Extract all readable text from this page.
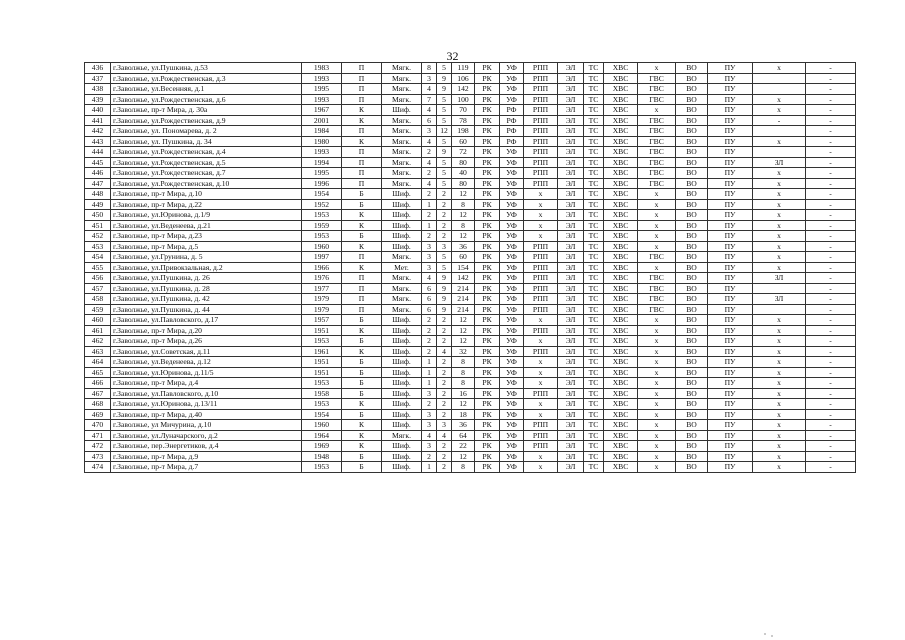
32
436	г.Заволжье, ул.Пушкина, д.53	1983	П	Мягк.	8	5	119	РК	УФ	РПП	ЭЛ	ТС	ХВС	х	ВО	ПУ	х	-
437	г.Заволжье, ул.Рождественская, д.3	1993	П	Мягк.	3	9	106	РК	УФ	РПП	ЭЛ	ТС	ХВС	ГВС	ВО	ПУ		-
438	г.Заволжье, ул.Весенняя, д.1	1995	П	Мягк.	4	9	142	РК	УФ	РПП	ЭЛ	ТС	ХВС	ГВС	ВО	ПУ		-
439	г.Заволжье, ул.Рождественская, д.6	1993	П	Мягк.	7	5	100	РК	УФ	РПП	ЭЛ	ТС	ХВС	ГВС	ВО	ПУ	х	-
440	г.Заволжье, пр-т Мира, д. 30а	1967	К	Шиф.	4	5	70	РК	РФ	РПП	ЭЛ	ТС	ХВС	х	ВО	ПУ	х	-
441	г.Заволжье, ул.Рождественская, д.9	2001	К	Мягк.	6	5	78	РК	РФ	РПП	ЭЛ	ТС	ХВС	ГВС	ВО	ПУ	-	-
442	г.Заволжье, ул. Пономарева, д. 2	1984	П	Мягк.	3	12	198	РК	РФ	РПП	ЭЛ	ТС	ХВС	ГВС	ВО	ПУ		-
443	г.Заволжье, ул. Пушкина, д. 34	1980	К	Мягк.	4	5	60	РК	РФ	РПП	ЭЛ	ТС	ХВС	ГВС	ВО	ПУ	х	-
444	г.Заволжье, ул.Рождественская, д.4	1993	П	Мягк.	2	9	72	РК	УФ	РПП	ЭЛ	ТС	ХВС	ГВС	ВО	ПУ		-
445	г.Заволжье, ул.Рождественская, д.5	1994	П	Мягк.	4	5	80	РК	УФ	РПП	ЭЛ	ТС	ХВС	ГВС	ВО	ПУ	ЗЛ	-
446	г.Заволжье, ул.Рождественская, д.7	1995	П	Мягк.	2	5	40	РК	УФ	РПП	ЭЛ	ТС	ХВС	ГВС	ВО	ПУ	х	-
447	г.Заволжье, ул.Рождественская, д.10	1996	П	Мягк.	4	5	80	РК	УФ	РПП	ЭЛ	ТС	ХВС	ГВС	ВО	ПУ	х	-
448	г.Заволжье, пр-т Мира, д.10	1954	Б	Шиф.	2	2	12	РК	УФ	х	ЭЛ	ТС	ХВС	х	ВО	ПУ	х	-
449	г.Заволжье, пр-т Мира, д.22	1952	Б	Шиф.	1	2	8	РК	УФ	х	ЭЛ	ТС	ХВС	х	ВО	ПУ	х	-
450	г.Заволжье, ул.Юринова, д.1/9	1953	К	Шиф.	2	2	12	РК	УФ	х	ЭЛ	ТС	ХВС	х	ВО	ПУ	х	-
451	г.Заволжье, ул.Веденеева, д.21	1959	К	Шиф.	1	2	8	РК	УФ	х	ЭЛ	ТС	ХВС	х	ВО	ПУ	х	-
452	г.Заволжье, пр-т Мира, д.23	1953	Б	Шиф.	2	2	12	РК	УФ	х	ЭЛ	ТС	ХВС	х	ВО	ПУ	х	-
453	г.Заволжье, пр-т Мира, д.5	1960	К	Шиф.	3	3	36	РК	УФ	РПП	ЭЛ	ТС	ХВС	х	ВО	ПУ	х	-
454	г.Заволжье, ул.Грунина, д. 5	1997	П	Мягк.	3	5	60	РК	УФ	РПП	ЭЛ	ТС	ХВС	ГВС	ВО	ПУ	х	-
455	г.Заволжье, ул.Привокзальная, д.2	1966	К	Мет.	3	5	154	РК	УФ	РПП	ЭЛ	ТС	ХВС	х	ВО	ПУ	х	-
456	г.Заволжье, ул.Пушкина, д. 26	1976	П	Мягк.	4	9	142	РК	УФ	РПП	ЭЛ	ТС	ХВС	ГВС	ВО	ПУ	ЗЛ	-
457	г.Заволжье, ул.Пушкина, д. 28	1977	П	Мягк.	6	9	214	РК	УФ	РПП	ЭЛ	ТС	ХВС	ГВС	ВО	ПУ		-
458	г.Заволжье, ул.Пушкина, д. 42	1979	П	Мягк.	6	9	214	РК	УФ	РПП	ЭЛ	ТС	ХВС	ГВС	ВО	ПУ	ЗЛ	-
459	г.Заволжье, ул.Пушкина, д. 44	1979	П	Мягк.	6	9	214	РК	УФ	РПП	ЭЛ	ТС	ХВС	ГВС	ВО	ПУ		-
460	г.Заволжье, ул.Павловского, д.17	1957	Б	Шиф.	2	2	12	РК	УФ	х	ЭЛ	ТС	ХВС	х	ВО	ПУ	х	-
461	г.Заволжье, пр-т Мира, д.20	1951	К	Шиф.	2	2	12	РК	УФ	РПП	ЭЛ	ТС	ХВС	х	ВО	ПУ	х	-
462	г.Заволжье, пр-т Мира, д.26	1953	Б	Шиф.	2	2	12	РК	УФ	х	ЭЛ	ТС	ХВС	х	ВО	ПУ	х	-
463	г.Заволжье, ул.Советская, д.11	1961	К	Шиф.	2	4	32	РК	УФ	РПП	ЭЛ	ТС	ХВС	х	ВО	ПУ	х	-
464	г.Заволжье, ул.Веденеева, д.12	1951	Б	Шиф.	1	2	8	РК	УФ	х	ЭЛ	ТС	ХВС	х	ВО	ПУ	х	-
465	г.Заволжье, ул.Юринова, д.11/5	1951	Б	Шиф.	1	2	8	РК	УФ	х	ЭЛ	ТС	ХВС	х	ВО	ПУ	х	-
466	г.Заволжье, пр-т Мира, д.4	1953	Б	Шиф.	1	2	8	РК	УФ	х	ЭЛ	ТС	ХВС	х	ВО	ПУ	х	-
467	г.Заволжье, ул.Павловского, д.10	1958	Б	Шиф.	3	2	16	РК	УФ	РПП	ЭЛ	ТС	ХВС	х	ВО	ПУ	х	-
468	г.Заволжье, ул.Юринова, д.13/11	1953	К	Шиф.	2	2	12	РК	УФ	х	ЭЛ	ТС	ХВС	х	ВО	ПУ	х	-
469	г.Заволжье, пр-т Мира, д.40	1954	Б	Шиф.	3	2	18	РК	УФ	х	ЭЛ	ТС	ХВС	х	ВО	ПУ	х	-
470	г.Заволжье, ул Мичурина, д.10	1960	К	Шиф.	3	3	36	РК	УФ	РПП	ЭЛ	ТС	ХВС	х	ВО	ПУ	х	-
471	г.Заволжье, ул.Луначарского, д.2	1964	К	Мягк.	4	4	64	РК	УФ	РПП	ЭЛ	ТС	ХВС	х	ВО	ПУ	х	-
472	г.Заволжье, пер.Энергетиков, д.4	1969	К	Шиф.	3	2	22	РК	УФ	РПП	ЭЛ	ТС	ХВС	х	ВО	ПУ	х	-
473	г.Заволжье, пр-т Мира, д.9	1948	Б	Шиф.	2	2	12	РК	УФ	х	ЭЛ	ТС	ХВС	х	ВО	ПУ	х	-
474	г.Заволжье, пр-т Мира, д.7	1953	Б	Шиф.	1	2	8	РК	УФ	х	ЭЛ	ТС	ХВС	х	ВО	ПУ	х	-
